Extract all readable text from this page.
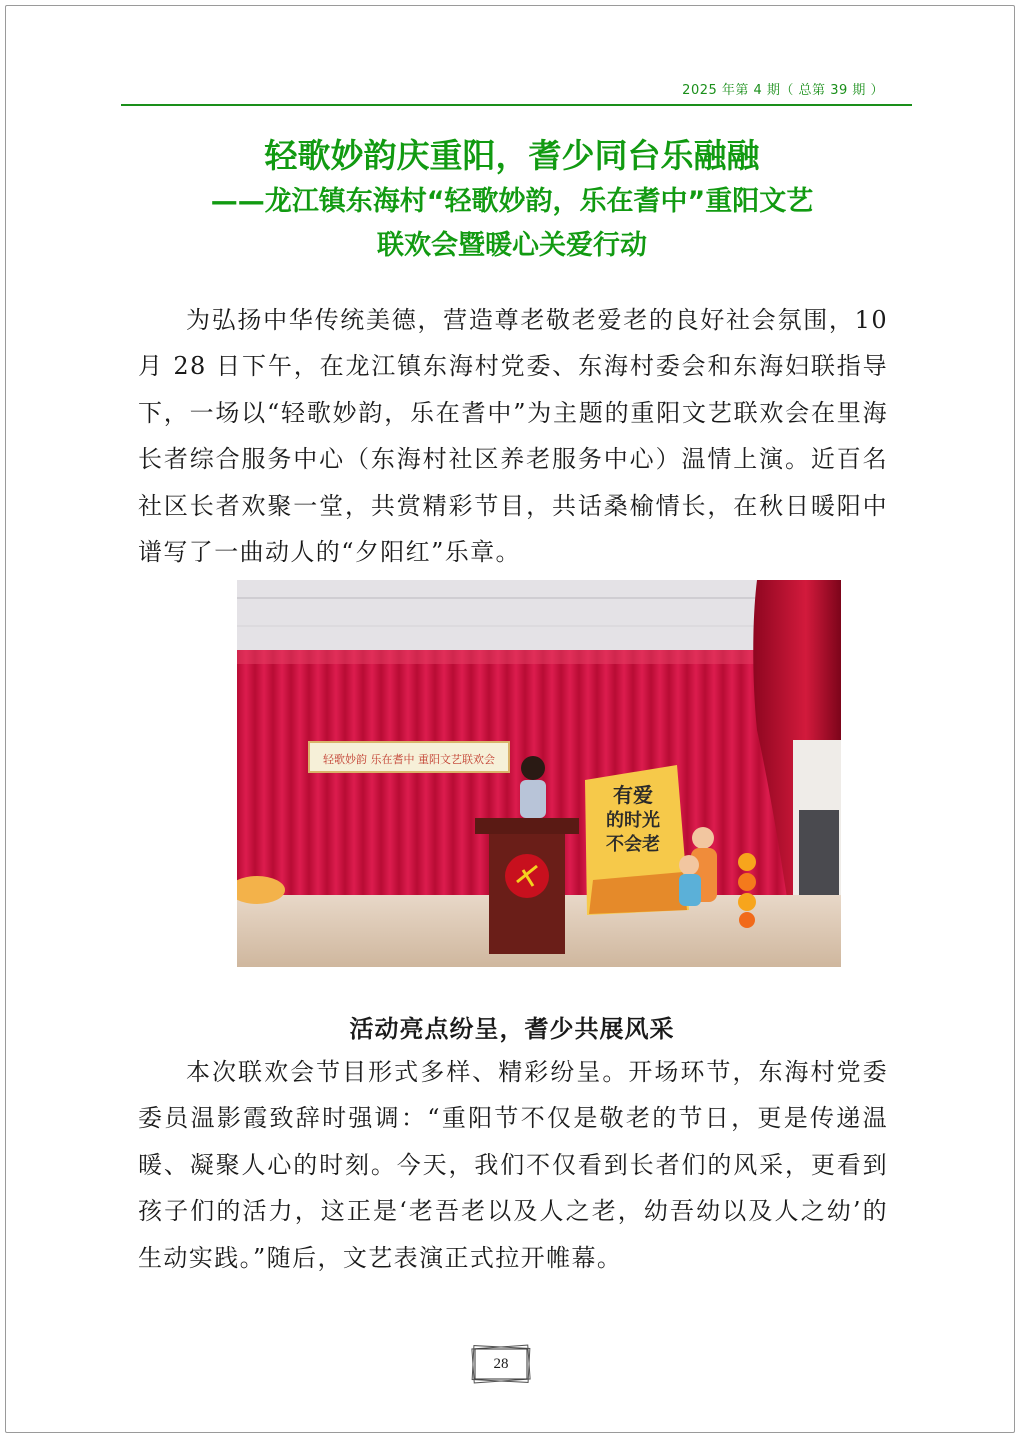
2025 年第 4 期（ 总第 39 期 ）

轻歌妙韵庆重阳，耆少同台乐融融

——龙江镇东海村“轻歌妙韵，乐在耆中”重阳文艺

联欢会暨暖心关爱行动

为弘扬中华传统美德，营造尊老敬老爱老的良好社会氛围，10 月 28 日下午，在龙江镇东海村党委、东海村委会和东海妇联指导下，一场以“轻歌妙韵，乐在耆中”为主题的重阳文艺联欢会在里海长者综合服务中心（东海村社区养老服务中心）温情上演。近百名社区长者欢聚一堂，共赏精彩节目，共话桑榆情长，在秋日暖阳中谱写了一曲动人的“夕阳红”乐章。

轻歌妙韵 乐在耆中 重阳文艺联欢会
有爱
的时光
不会老
活动亮点纷呈，耆少共展风采

本次联欢会节目形式多样、精彩纷呈。开场环节，东海村党委委员温影霞致辞时强调：“重阳节不仅是敬老的节日，更是传递温暖、凝聚人心的时刻。今天，我们不仅看到长者们的风采，更看到孩子们的活力，这正是‘老吾老以及人之老，幼吾幼以及人之幼’的生动实践。”随后，文艺表演正式拉开帷幕。

28
